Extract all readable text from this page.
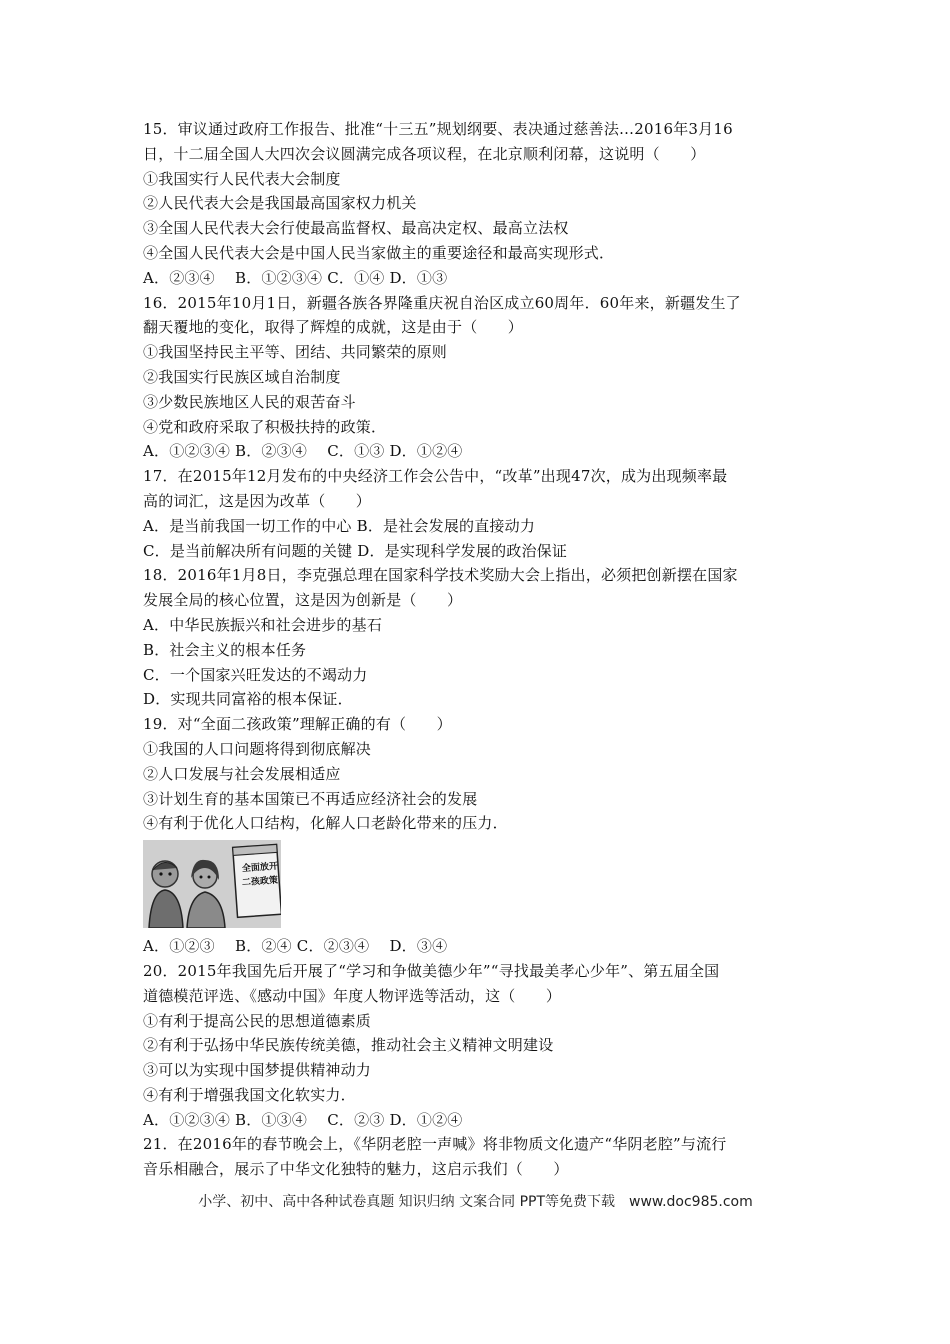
15．审议通过政府工作报告、批准“十三五”规划纲要、表决通过慈善法…2016年3月16
日，十二届全国人大四次会议圆满完成各项议程，在北京顺利闭幕，这说明（　　）
①我国实行人民代表大会制度
②人民代表大会是我国最高国家权力机关
③全国人民代表大会行使最高监督权、最高决定权、最高立法权
④全国人民代表大会是中国人民当家做主的重要途径和最高实现形式．
A．②③④　 B．①②③④ C．①④ D．①③
16．2015年10月1日，新疆各族各界隆重庆祝自治区成立60周年．60年来，新疆发生了
翻天覆地的变化，取得了辉煌的成就，这是由于（　　）
①我国坚持民主平等、团结、共同繁荣的原则
②我国实行民族区域自治制度
③少数民族地区人民的艰苦奋斗
④党和政府采取了积极扶持的政策．
A．①②③④ B．②③④　 C．①③ D．①②④
17．在2015年12月发布的中央经济工作会公告中，“改革”出现47次，成为出现频率最
高的词汇，这是因为改革（　　）
A．是当前我国一切工作的中心 B．是社会发展的直接动力
C．是当前解决所有问题的关键 D．是实现科学发展的政治保证
18．2016年1月8日，李克强总理在国家科学技术奖励大会上指出，必须把创新摆在国家
发展全局的核心位置，这是因为创新是（　　）
A．中华民族振兴和社会进步的基石
B．社会主义的根本任务
C．一个国家兴旺发达的不竭动力
D．实现共同富裕的根本保证．
19．对“全面二孩政策”理解正确的有（　　）
①我国的人口问题将得到彻底解决
②人口发展与社会发展相适应
③计划生育的基本国策已不再适应经济社会的发展
④有利于优化人口结构，化解人口老龄化带来的压力．
全面放开
二孩政策
A．①②③　 B．②④ C．②③④　 D．③④
20．2015年我国先后开展了“学习和争做美德少年”“寻找最美孝心少年”、第五届全国
道德模范评选、《感动中国》年度人物评选等活动，这（　　）
①有利于提高公民的思想道德素质
②有利于弘扬中华民族传统美德，推动社会主义精神文明建设
③可以为实现中国梦提供精神动力
④有利于增强我国文化软实力．
A．①②③④ B．①③④　 C．②③ D．①②④
21．在2016年的春节晚会上，《华阴老腔一声喊》将非物质文化遗产“华阴老腔”与流行
音乐相融合，展示了中华文化独特的魅力，这启示我们（　　）
小学、初中、高中各种试卷真题 知识归纳 文案合同 PPT等免费下载　www.doc985.com
